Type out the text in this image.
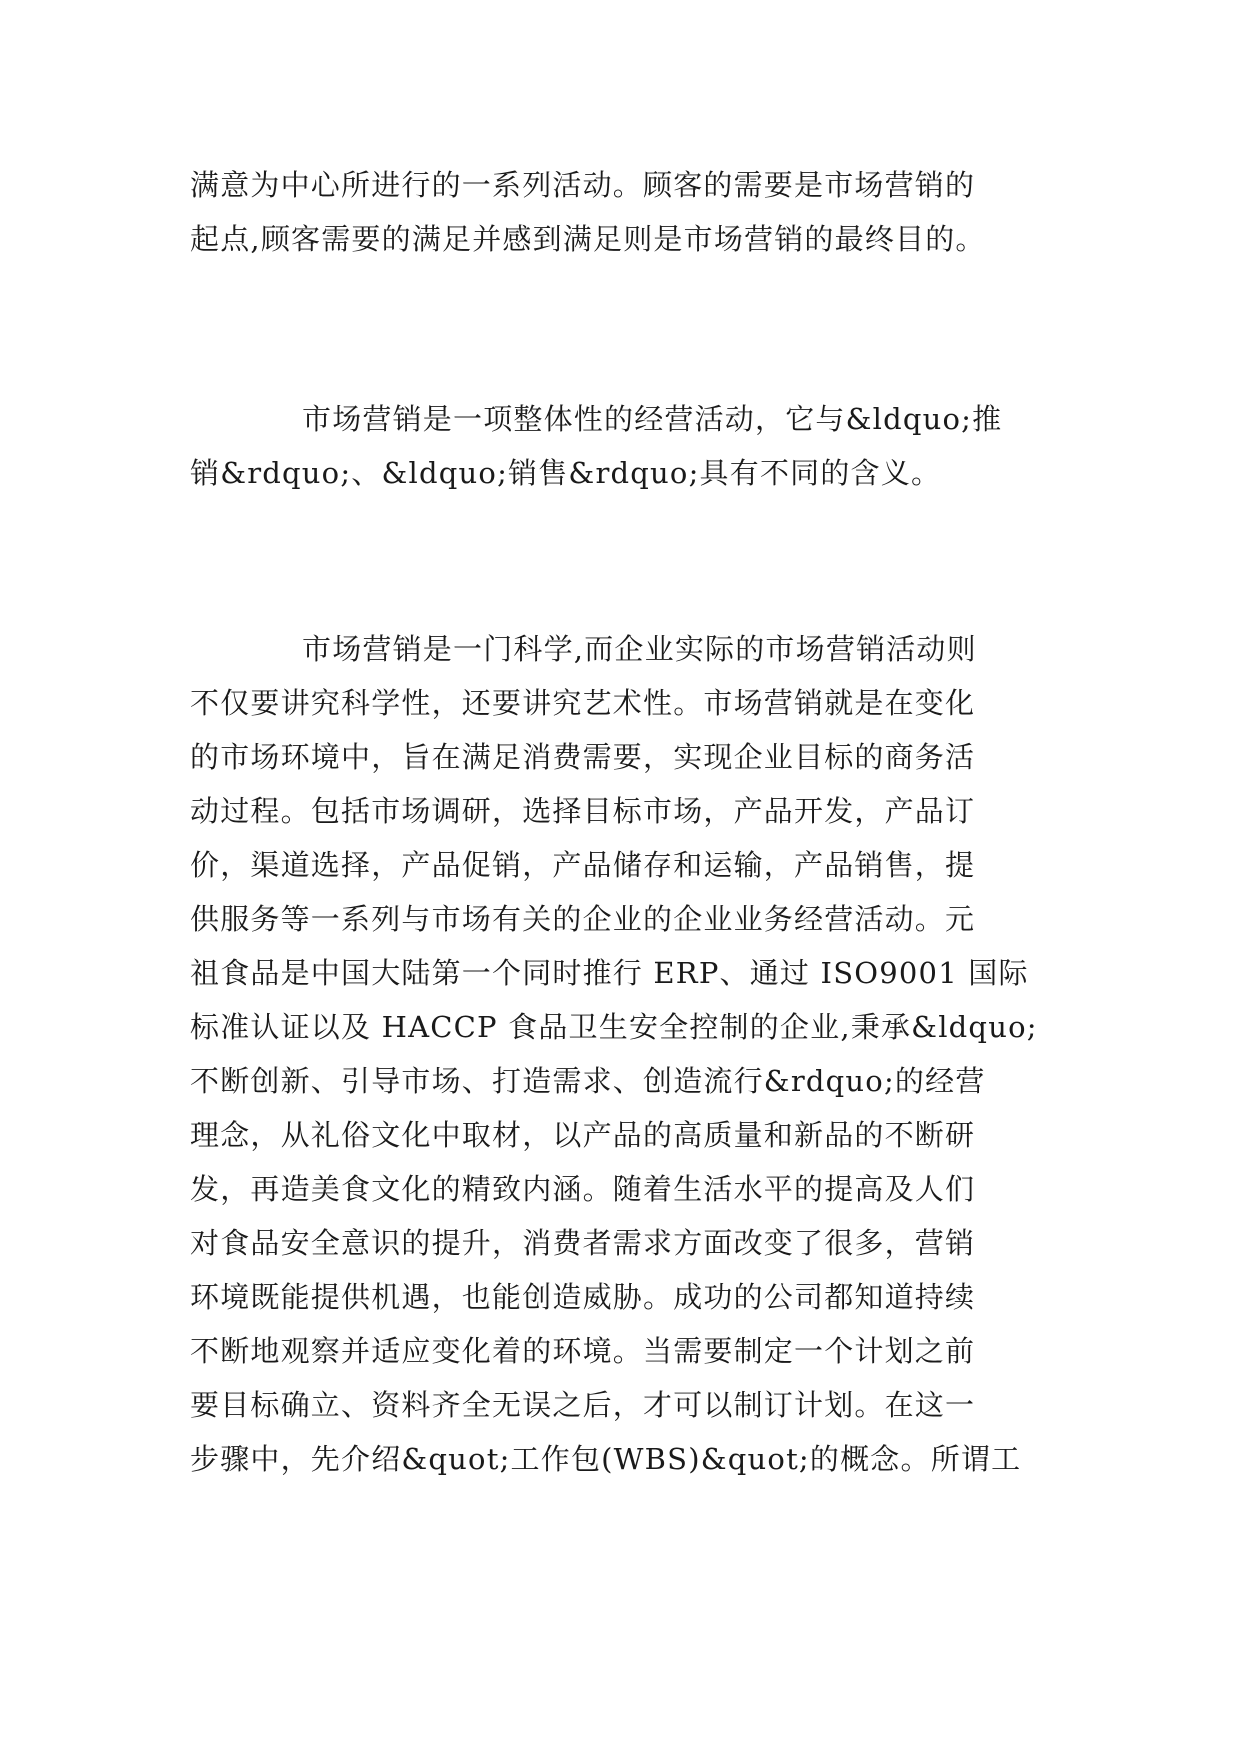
满意为中心所进行的一系列活动。顾客的需要是市场营销的
起点,顾客需要的满足并感到满足则是市场营销的最终目的。
市场营销是一项整体性的经营活动，它与&ldquo;推
销&rdquo;、&ldquo;销售&rdquo;具有不同的含义。
市场营销是一门科学,而企业实际的市场营销活动则
不仅要讲究科学性，还要讲究艺术性。市场营销就是在变化
的市场环境中，旨在满足消费需要，实现企业目标的商务活
动过程。包括市场调研，选择目标市场，产品开发，产品订
价，渠道选择，产品促销，产品储存和运输，产品销售，提
供服务等一系列与市场有关的企业的企业业务经营活动。元
祖食品是中国大陆第一个同时推行 ERP、通过 ISO9001 国际
标准认证以及 HACCP 食品卫生安全控制的企业,秉承&ldquo;
不断创新、引导市场、打造需求、创造流行&rdquo;的经营
理念，从礼俗文化中取材，以产品的高质量和新品的不断研
发，再造美食文化的精致内涵。随着生活水平的提高及人们
对食品安全意识的提升，消费者需求方面改变了很多，营销
环境既能提供机遇，也能创造威胁。成功的公司都知道持续
不断地观察并适应变化着的环境。当需要制定一个计划之前
要目标确立、资料齐全无误之后，才可以制订计划。在这一
步骤中，先介绍&quot;工作包(WBS)&quot;的概念。所谓工
